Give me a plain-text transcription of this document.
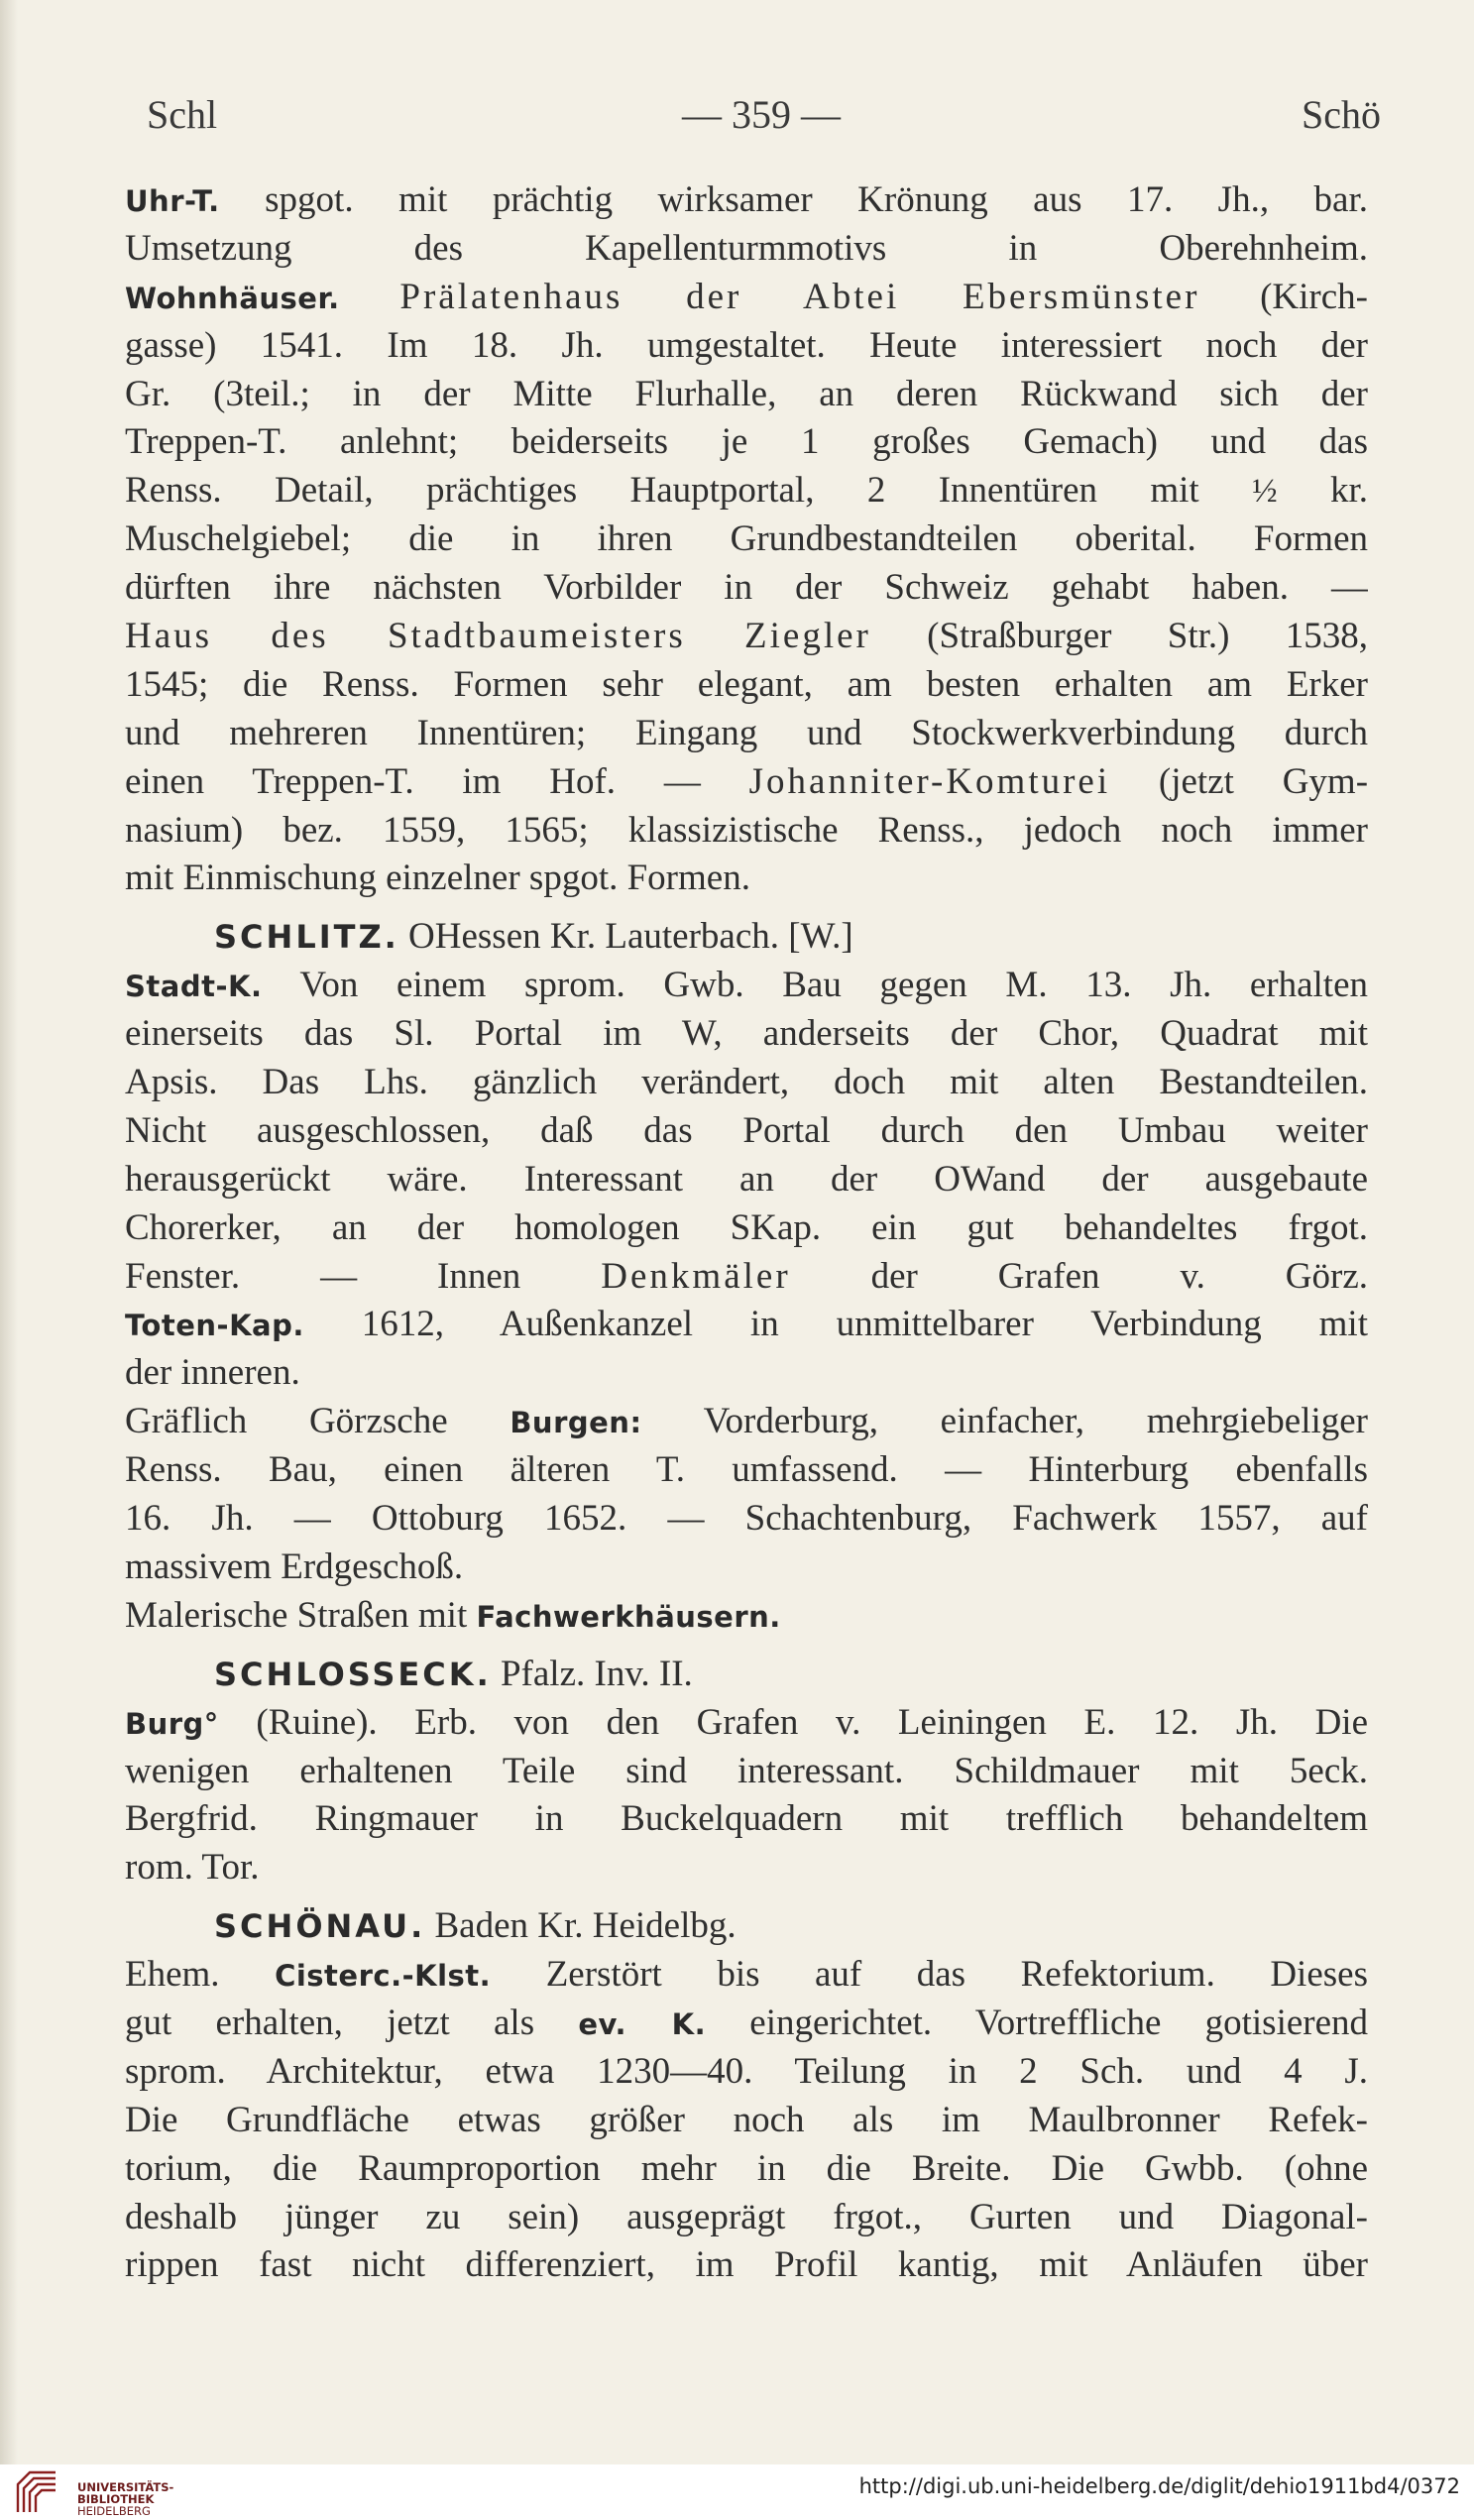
Schl	— 359 —	Schö
Uhr-T. spgot. mit prächtig wirksamer Krönung aus 17. Jh., bar.
Umsetzung des Kapellenturmmotivs in Oberehnheim.
Wohnhäuser. Prälatenhaus der Abtei Ebersmünster (Kirch-
gasse) 1541. Im 18. Jh. umgestaltet. Heute interessiert noch der
Gr. (3teil.; in der Mitte Flurhalle, an deren Rückwand sich der
Treppen-T. anlehnt; beiderseits je 1 großes Gemach) und das
Renss. Detail, prächtiges Hauptportal, 2 Innentüren mit ½ kr.
Muschelgiebel; die in ihren Grundbestandteilen oberital. Formen
dürften ihre nächsten Vorbilder in der Schweiz gehabt haben. —
Haus des Stadtbaumeisters Ziegler (Straßburger Str.) 1538,
1545; die Renss. Formen sehr elegant, am besten erhalten am Erker
und mehreren Innentüren; Eingang und Stockwerkverbindung durch
einen Treppen-T. im Hof. — Johanniter-Komturei (jetzt Gym-
nasium) bez. 1559, 1565; klassizistische Renss., jedoch noch immer
mit Einmischung einzelner spgot. Formen.
SCHLITZ. OHessen Kr. Lauterbach. [W.]
Stadt-K. Von einem sprom. Gwb. Bau gegen M. 13. Jh. erhalten
einerseits das Sl. Portal im W, anderseits der Chor, Quadrat mit
Apsis. Das Lhs. gänzlich verändert, doch mit alten Bestandteilen.
Nicht ausgeschlossen, daß das Portal durch den Umbau weiter
herausgerückt wäre. Interessant an der OWand der ausgebaute
Chorerker, an der homologen SKap. ein gut behandeltes frgot.
Fenster. — Innen Denkmäler der Grafen v. Görz.
Toten-Kap. 1612, Außenkanzel in unmittelbarer Verbindung mit
der inneren.
Gräflich Görzsche Burgen: Vorderburg, einfacher, mehrgiebeliger
Renss. Bau, einen älteren T. umfassend. — Hinterburg ebenfalls
16. Jh. — Ottoburg 1652. — Schachtenburg, Fachwerk 1557, auf
massivem Erdgeschoß.
Malerische Straßen mit Fachwerkhäusern.
SCHLOSSECK. Pfalz. Inv. II.
Burg° (Ruine). Erb. von den Grafen v. Leiningen E. 12. Jh. Die
wenigen erhaltenen Teile sind interessant. Schildmauer mit 5eck.
Bergfrid. Ringmauer in Buckelquadern mit trefflich behandeltem
rom. Tor.
SCHÖNAU. Baden Kr. Heidelbg.
Ehem. Cisterc.-Klst. Zerstört bis auf das Refektorium. Dieses
gut erhalten, jetzt als ev. K. eingerichtet. Vortreffliche gotisierend
sprom. Architektur, etwa 1230—40. Teilung in 2 Sch. und 4 J.
Die Grundfläche etwas größer noch als im Maulbronner Refek-
torium, die Raumproportion mehr in die Breite. Die Gwbb. (ohne
deshalb jünger zu sein) ausgeprägt frgot., Gurten und Diagonal-
rippen fast nicht differenziert, im Profil kantig, mit Anläufen über
UNIVERSITÄTS-
BIBLIOTHEK
HEIDELBERG
http://digi.ub.uni-heidelberg.de/diglit/dehio1911bd4/0372
